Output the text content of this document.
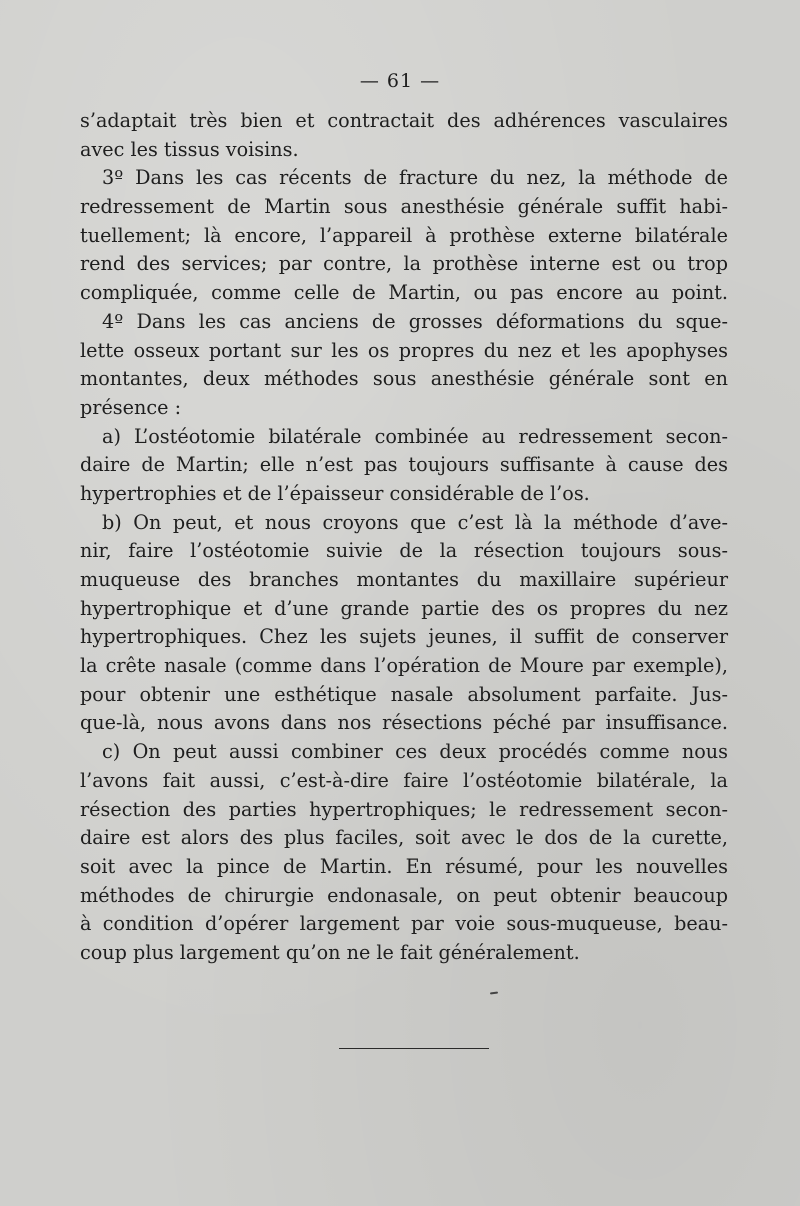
— 61 —
s’adaptait très bien et contractait des adhérences vasculaires
avec les tissus voisins.
3º Dans les cas récents de fracture du nez, la méthode de
redressement de Martin sous anesthésie générale suffit habi-
tuellement; là encore, l’appareil à prothèse externe bilatérale
rend des services; par contre, la prothèse interne est ou trop
compliquée, comme celle de Martin, ou pas encore au point.
4º Dans les cas anciens de grosses déformations du sque-
lette osseux portant sur les os propres du nez et les apophyses
montantes, deux méthodes sous anesthésie générale sont en
présence :
a) L’ostéotomie bilatérale combinée au redressement secon-
daire de Martin; elle n’est pas toujours suffisante à cause des
hypertrophies et de l’épaisseur considérable de l’os.
b) On peut, et nous croyons que c’est là la méthode d’ave-
nir, faire l’ostéotomie suivie de la résection toujours sous-
muqueuse des branches montantes du maxillaire supérieur
hypertrophique et d’une grande partie des os propres du nez
hypertrophiques. Chez les sujets jeunes, il suffit de conserver
la crête nasale (comme dans l’opération de Moure par exemple),
pour obtenir une esthétique nasale absolument parfaite. Jus-
que-là, nous avons dans nos résections péché par insuffisance.
c) On peut aussi combiner ces deux procédés comme nous
l’avons fait aussi, c’est-à-dire faire l’ostéotomie bilatérale, la
résection des parties hypertrophiques; le redressement secon-
daire est alors des plus faciles, soit avec le dos de la curette,
soit avec la pince de Martin. En résumé, pour les nouvelles
méthodes de chirurgie endonasale, on peut obtenir beaucoup
à condition d’opérer largement par voie sous-muqueuse, beau-
coup plus largement qu’on ne le fait généralement.
